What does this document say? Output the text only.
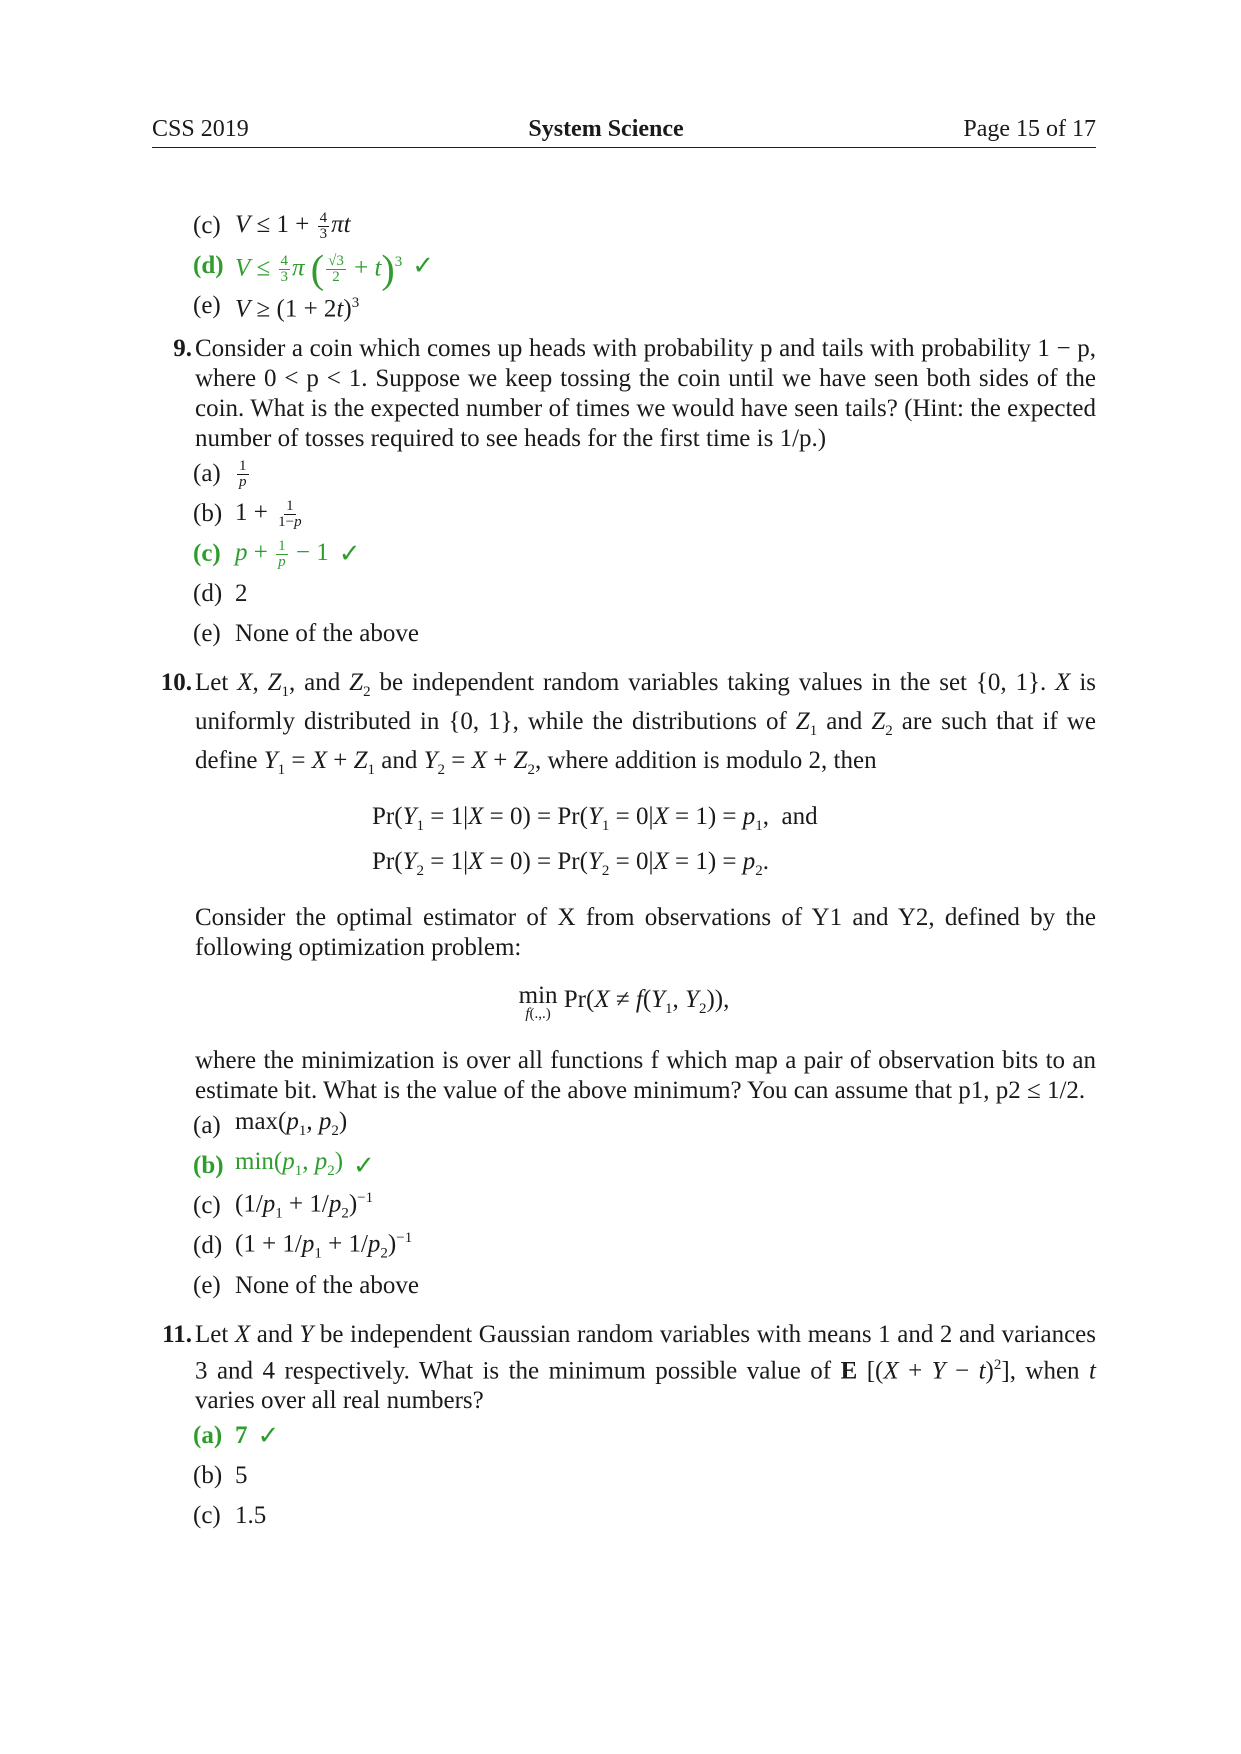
CSS 2019	System Science	Page 15 of 17
(c) $V \le 1 + \frac{4}{3}$ πt
(d) $V \le \frac{4}{3}$ π ( $\frac{√3}{2} + t)^3$ ✓
(e) $V \ge (1 + 2t)^3$
9. Consider a coin which comes up heads with probability p and tails with probability 1 − p, where 0 < p < 1. Suppose we keep tossing the coin until we have seen both sides of the coin. What is the expected number of times we would have seen tails? (Hint: the expected number of tosses required to see heads for the first time is 1/p.)
(a)	$\frac{1}{p}$
(b) $1 + \frac{1}{1-p}$
(c) $p + \frac{1}{p} - 1$ ✓
(d) 2
(e) None of the above
10. Let X, $Z_1$, and $Z_2$ be independent random variables taking values in the set {0, 1}. X is uniformly distributed in {0, 1}, while the distributions of $Z_1$ and $Z_2$ are such that if we define $Y_1 = X + Z_1$ and $Y_2 = X + Z_2$, where addition is modulo 2, then
$Pr(Y_1 = 1|X = 0) = Pr(Y_1 = 0|X = 1) = p_1$,  and
$Pr(Y_2 = 1|X = 0) = Pr(Y_2 = 0|X = 1) = p_2$.
Consider the optimal estimator of X from observations of Y1 and Y2, defined by the following optimization problem:
min
f(.,.)
$Pr(X \ne f(Y_1$, $Y_2$)),
where the minimization is over all functions f which map a pair of observation bits to an estimate bit. What is the value of the above minimum? You can assume that p1, p2 ≤ 1/2.
(a) $\max(p_1$, $p_2$)
(b) $\min(p_1$, $p_2$) ✓
(c) $(1/p_1 + 1/p_2)^{-1}$
(d) $(1 + 1/p_1 + 1/p_2)^{-1}$
(e) None of the above
11. Let X and Y be independent Gaussian random variables with means 1 and 2 and variances 3 and 4 respectively. What is the minimum possible value of E $[(X + Y - t)^2]$, when t varies over all real numbers?
(a) 7 ✓
(b) 5
(c) 1.5
